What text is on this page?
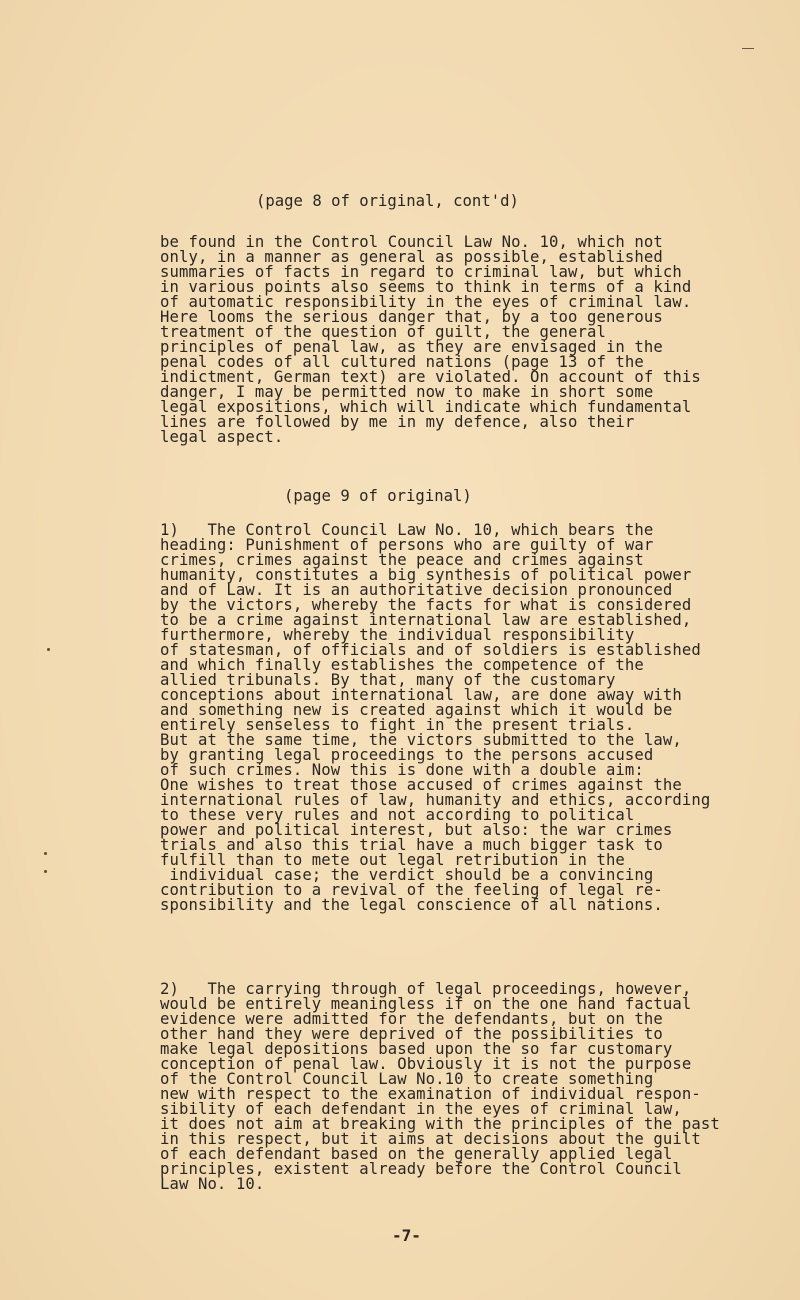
(page 8 of original, cont'd)
be found in the Control Council Law No. 10, which not
only, in a manner as general as possible, established
summaries of facts in regard to criminal law, but which
in various points also seems to think in terms of a kind
of automatic responsibility in the eyes of criminal law.
Here looms the serious danger that, by a too generous
treatment of the question of guilt, the general
principles of penal law, as they are envisaged in the
penal codes of all cultured nations (page 13 of the
indictment, German text) are violated. On account of this
danger, I may be permitted now to make in short some
legal expositions, which will indicate which fundamental
lines are followed by me in my defence, also their
legal aspect.
(page 9 of original)
1)   The Control Council Law No. 10, which bears the
heading: Punishment of persons who are guilty of war
crimes, crimes against the peace and crimes against
humanity, constitutes a big synthesis of political power
and of Law. It is an authoritative decision pronounced
by the victors, whereby the facts for what is considered
to be a crime against international law are established,
furthermore, whereby the individual responsibility
of statesman, of officials and of soldiers is established
and which finally establishes the competence of the
allied tribunals. By that, many of the customary
conceptions about international law, are done away with
and something new is created against which it would be
entirely senseless to fight in the present trials.
But at the same time, the victors submitted to the law,
by granting legal proceedings to the persons accused
of such crimes. Now this is done with a double aim:
One wishes to treat those accused of crimes against the
international rules of law, humanity and ethics, according
to these very rules and not according to political
power and political interest, but also: the war crimes
trials and also this trial have a much bigger task to
fulfill than to mete out legal retribution in the
individual case; the verdict should be a convincing
contribution to a revival of the feeling of legal re-
sponsibility and the legal conscience of all nations.
2)   The carrying through of legal proceedings, however,
would be entirely meaningless if on the one hand factual
evidence were admitted for the defendants, but on the
other hand they were deprived of the possibilities to
make legal depositions based upon the so far customary
conception of penal law. Obviously it is not the purpose
of the Control Council Law No.10 to create something
new with respect to the examination of individual respon-
sibility of each defendant in the eyes of criminal law,
it does not aim at breaking with the principles of the past
in this respect, but it aims at decisions about the guilt
of each defendant based on the generally applied legal
principles, existent already before the Control Council
Law No. 10.
-7-
